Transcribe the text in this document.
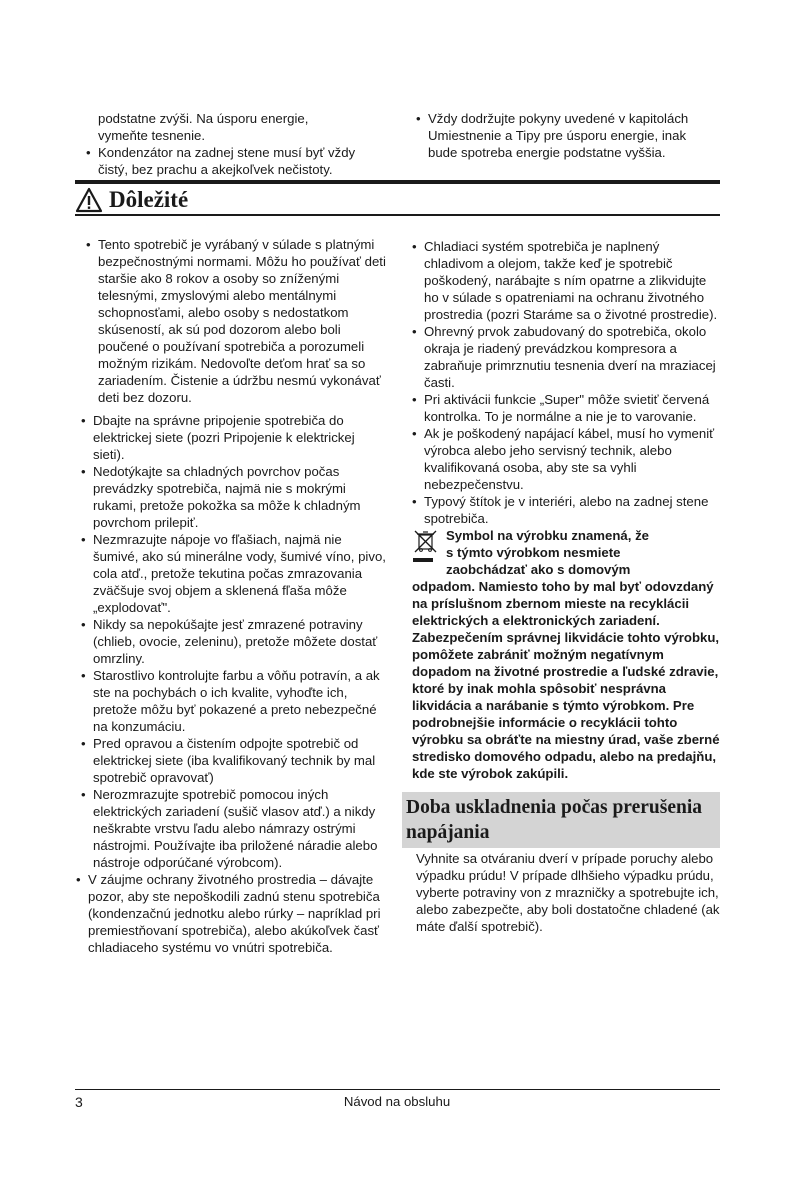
podstatne zvýši. Na úsporu energie,

vymeňte tesnenie.

• Kondenzátor na zadnej stene musí byť vždy čistý, bez prachu a akejkoľvek nečistoty.

• Vždy dodržujte pokyny uvedené v kapitolách Umiestnenie a Tipy pre úsporu energie, inak bude spotreba energie podstatne vyššia.

Dôležité

• Tento spotrebič je vyrábaný v súlade s platnými bezpečnostnými normami. Môžu ho používať deti staršie ako 8 rokov a osoby so zníženými telesnými, zmyslovými alebo mentálnymi schopnosťami, alebo osoby s nedostatkom skúseností, ak sú pod dozorom alebo boli poučené o používaní spotrebiča a porozumeli možným rizikám. Nedovoľte deťom hrať sa so zariadením. Čistenie a údržbu nesmú vykonávať deti bez dozoru.

• Dbajte na správne pripojenie spotrebiča do elektrickej siete (pozri Pripojenie k elektrickej sieti).

• Nedotýkajte sa chladných povrchov počas prevádzky spotrebiča, najmä nie s mokrými rukami, pretože pokožka sa môže k chladným povrchom prilepiť.

• Nezmrazujte nápoje vo fľašiach, najmä nie šumivé, ako sú minerálne vody, šumivé víno, pivo, cola atď., pretože tekutina počas zmrazovania zväčšuje svoj objem a sklenená fľaša môže „explodovať".

• Nikdy sa nepokúšajte jesť zmrazené potraviny (chlieb, ovocie, zeleninu), pretože môžete dostať omrzliny.

• Starostlivo kontrolujte farbu a vôňu potravín, a ak ste na pochybách o ich kvalite, vyhoďte ich, pretože môžu byť pokazené a preto nebezpečné na konzumáciu.

• Pred opravou a čistením odpojte spotrebič od elektrickej siete (iba kvalifikovaný technik by mal spotrebič opravovať)

• Nerozmrazujte spotrebič pomocou iných elektrických zariadení (sušič vlasov atď.) a nikdy neškrabte vrstvu ľadu alebo námrazy ostrými nástrojmi. Používajte iba priložené náradie alebo nástroje odporúčané výrobcom).

• V záujme ochrany životného prostredia – dávajte pozor, aby ste nepoškodili zadnú stenu spotrebiča (kondenzačnú jednotku alebo rúrky – napríklad pri premiestňovaní spotrebiča), alebo akúkoľvek časť chladiaceho systému vo vnútri spotrebiča.

• Chladiaci systém spotrebiča je naplnený chladivom a olejom, takže keď je spotrebič poškodený, narábajte s ním opatrne a zlikvidujte ho v súlade s opatreniami na ochranu životného prostredia (pozri Staráme sa o životné prostredie).

• Ohrevný prvok zabudovaný do spotrebiča, okolo okraja je riadený prevádzkou kompresora a zabraňuje primrznutiu tesnenia dverí na mraziacej časti.

• Pri aktivácii funkcie „Super" môže svietiť červená kontrolka. To je normálne a nie je to varovanie.

• Ak je poškodený napájací kábel, musí ho vymeniť výrobca alebo jeho servisný technik, alebo kvalifikovaná osoba, aby ste sa vyhli nebezpečenstvu.

• Typový štítok je v interiéri, alebo na zadnej stene spotrebiča.

Symbol na výrobku znamená, že
s týmto výrobkom nesmiete
zaobchádzať ako s domovým

odpadom. Namiesto toho by mal byť odovzdaný na príslušnom zbernom mieste na recyklácii elektrických a elektronických zariadení. Zabezpečením správnej likvidácie tohto výrobku, pomôžete zabrániť možným negatívnym dopadom na životné prostredie a ľudské zdravie, ktoré by inak mohla spôsobiť nesprávna likvidácia a narábanie s týmto výrobkom. Pre podrobnejšie informácie o recyklácii tohto výrobku sa obráťte na miestny úrad, vaše zberné stredisko domového odpadu, alebo na predajňu, kde ste výrobok zakúpili.

Doba uskladnenia počas prerušenia napájania

Vyhnite sa otváraniu dverí v prípade poruchy alebo výpadku prúdu! V prípade dlhšieho výpadku prúdu, vyberte potraviny von z mrazničky a spotrebujte ich, alebo zabezpečte, aby boli dostatočne chladené (ak máte ďalší spotrebič).

3	Návod na obsluhu
